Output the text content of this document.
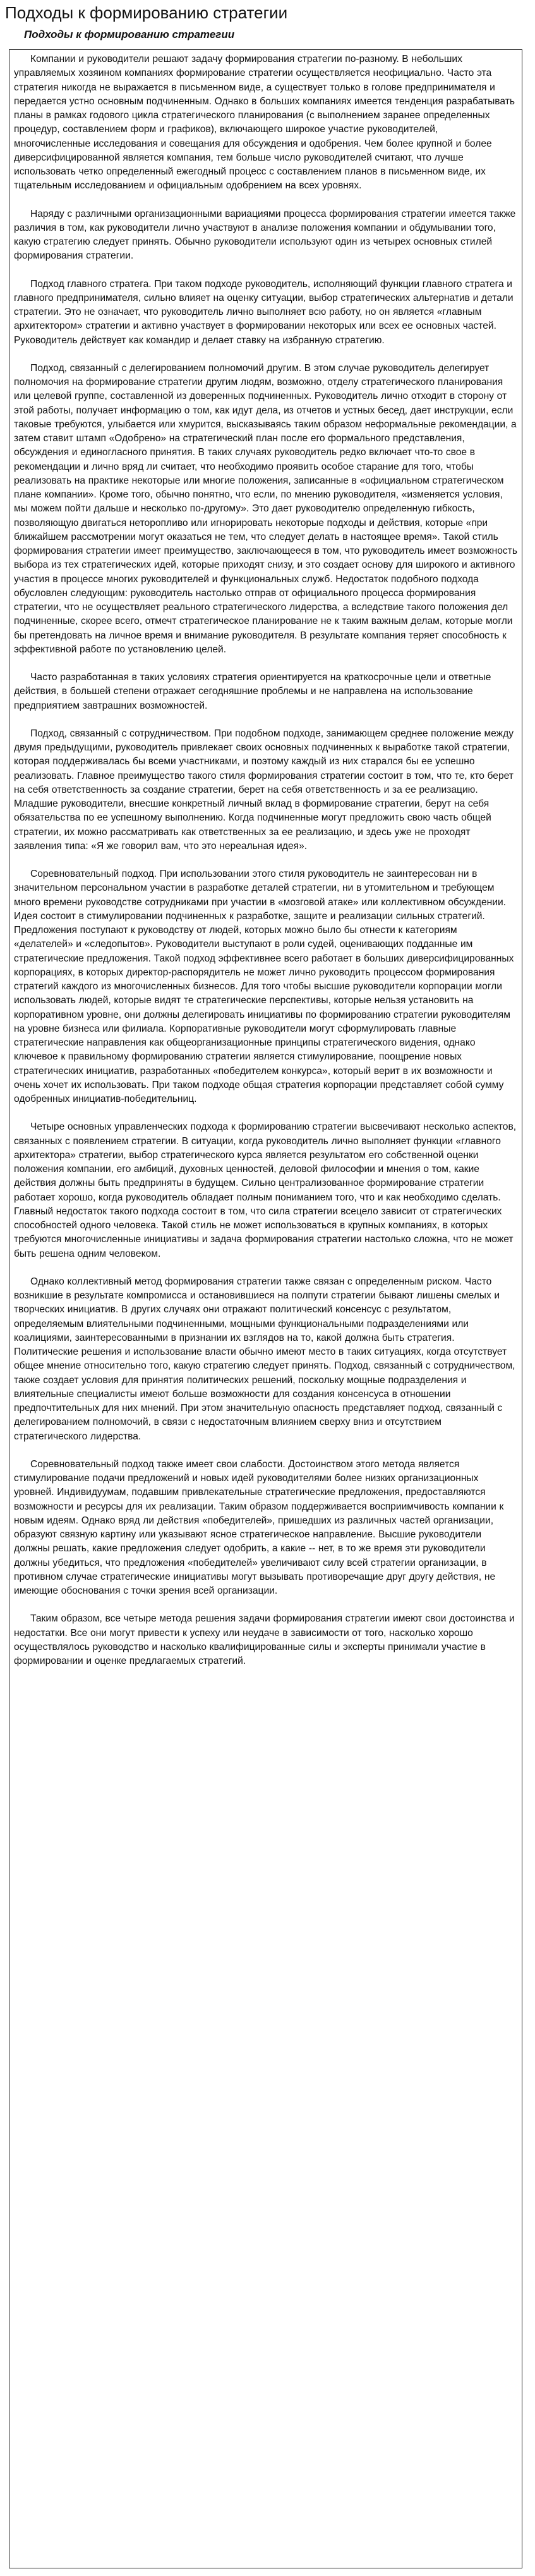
Подходы к формированию стратегии
Подходы к формированию стратегии

Компании и руководители решают задачу формирования стратегии по-разному. В небольших управляемых хозяином компаниях формирование стратегии осуществляется неофициально. Часто эта стратегия никогда не выражается в письменном виде, а существует только в голове предпринимателя и передается устно основным подчиненным. Однако в больших компаниях имеется тенденция разрабатывать планы в рамках годового цикла стратегического планирования (с выполнением заранее определенных процедур, составлением форм и графиков), включающего широкое участие руководителей, многочисленные исследования и совещания для обсуждения и одобрения. Чем более крупной и более диверсифицированной является компания, тем больше число руководителей считают, что лучше использовать четко определенный ежегодный процесс с составлением планов в письменном виде, их тщательным исследованием и официальным одобрением на всех уровнях.

Наряду с различными организационными вариациями процесса формирования стратегии имеется также различия в том, как руководители лично участвуют в анализе положения компании и обдумывании того, какую стратегию следует принять. Обычно руководители используют один из четырех основных стилей формирования стратегии.

Подход главного стратега. При таком подходе руководитель, исполняющий функции главного стратега и главного предпринимателя, сильно влияет на оценку ситуации, выбор стратегических альтернатив и детали стратегии. Это не означает, что руководитель лично выполняет всю работу, но он является «главным архитектором» стратегии и активно участвует в формировании некоторых или всех ее основных частей. Руководитель действует как командир и делает ставку на избранную стратегию.

Подход, связанный с делегированием полномочий другим. В этом случае руководитель делегирует полномочия на формирование стратегии другим людям, возможно, отделу стратегического планирования или целевой группе, составленной из доверенных подчиненных. Руководитель лично отходит в сторону от этой работы, получает информацию о том, как идут дела, из отчетов и устных бесед, дает инструкции, если таковые требуются, улыбается или хмурится, высказываясь таким образом неформальные рекомендации, а затем ставит штамп «Одобрено» на стратегический план после его формального представления, обсуждения и единогласного принятия. В таких случаях руководитель редко включает что-то свое в рекомендации и лично вряд ли считает, что необходимо проявить особое старание для того, чтобы реализовать на практике некоторые или многие положения, записанные в «официальном стратегическом плане компании». Кроме того, обычно понятно, что если, по мнению руководителя, «изменяется условия, мы можем пойти дальше и несколько по-другому». Это дает руководителю определенную гибкость, позволяющую двигаться неторопливо или игнорировать некоторые подходы и действия, которые «при ближайшем рассмотрении могут оказаться не тем, что следует делать в настоящее время». Такой стиль формирования стратегии имеет преимущество, заключающееся в том, что руководитель имеет возможность выбора из тех стратегических идей, которые приходят снизу, и это создает основу для широкого и активного участия в процессе многих руководителей и функциональных служб. Недостаток подобного подхода обусловлен следующим: руководитель настолько отправ от официального процесса формирования стратегии, что не осуществляет реального стратегического лидерства, а вследствие такого положения дел подчиненные, скорее всего, отмечт стратегическое планирование не к таким важным делам, которые могли бы претендовать на личное время и внимание руководителя. В результате компания теряет способность к эффективной работе по установлению целей.

Часто разработанная в таких условиях стратегия ориентируется на краткосрочные цели и ответные действия, в большей степени отражает сегодняшние проблемы и не направлена на использование предприятием завтрашних возможностей.

Подход, связанный с сотрудничеством. При подобном подходе, занимающем среднее положение между двумя предыдущими, руководитель привлекает своих основных подчиненных к выработке такой стратегии, которая поддерживалась бы всеми участниками, и поэтому каждый из них старался бы ее успешно реализовать. Главное преимущество такого стиля формирования стратегии состоит в том, что те, кто берет на себя ответственность за создание стратегии, берет на себя ответственность и за ее реализацию. Младшие руководители, внесшие конкретный личный вклад в формирование стратегии, берут на себя обязательства по ее успешному выполнению. Когда подчиненные могут предложить свою часть общей стратегии, их можно рассматривать как ответственных за ее реализацию, и здесь уже не проходят заявления типа: «Я же говорил вам, что это нереальная идея».

Соревновательный подход. При использовании этого стиля руководитель не заинтересован ни в значительном персональном участии в разработке деталей стратегии, ни в утомительном и требующем много времени руководстве сотрудниками при участии в «мозговой атаке» или коллективном обсуждении. Идея состоит в стимулировании подчиненных к разработке, защите и реализации сильных стратегий. Предложения поступают к руководству от людей, которых можно было бы отнести к категориям «делателей» и «следопытов». Руководители выступают в роли судей, оценивающих подданные им стратегические предложения. Такой подход эффективнее всего работает в больших диверсифицированных корпорациях, в которых директор-распорядитель не может лично руководить процессом формирования стратегий каждого из многочисленных бизнесов. Для того чтобы высшие руководители корпорации могли использовать людей, которые видят те стратегические перспективы, которые нельзя установить на корпоративном уровне, они должны делегировать инициативы по формированию стратегии руководителям на уровне бизнеса или филиала. Корпоративные руководители могут сформулировать главные стратегические направления как общеорганизационные принципы стратегического видения, однако ключевое к правильному формированию стратегии является стимулирование, поощрение новых стратегических инициатив, разработанных «победителем конкурса», который верит в их возможности и очень хочет их использовать. При таком подходе общая стратегия корпорации представляет собой сумму одобренных инициатив-победительниц.

Четыре основных управленческих подхода к формированию стратегии высвечивают несколько аспектов, связанных с появлением стратегии. В ситуации, когда руководитель лично выполняет функции «главного архитектора» стратегии, выбор стратегического курса является результатом его собственной оценки положения компании, его амбиций, духовных ценностей, деловой философии и мнения о том, какие действия должны быть предприняты в будущем. Сильно централизованное формирование стратегии работает хорошо, когда руководитель обладает полным пониманием того, что и как необходимо сделать. Главный недостаток такого подхода состоит в том, что сила стратегии всецело зависит от стратегических способностей одного человека. Такой стиль не может использоваться в крупных компаниях, в которых требуются многочисленные инициативы и задача формирования стратегии настолько сложна, что не может быть решена одним человеком.

Однако коллективный метод формирования стратегии также связан с определенным риском. Часто возникшие в результате компромисса и остановившиеся на полпути стратегии бывают лишены смелых и творческих инициатив. В других случаях они отражают политический консенсус с результатом, определяемым влиятельными подчиненными, мощными функциональными подразделениями или коалициями, заинтересованными в признании их взглядов на то, какой должна быть стратегия. Политические решения и использование власти обычно имеют место в таких ситуациях, когда отсутствует общее мнение относительно того, какую стратегию следует принять. Подход, связанный с сотрудничеством, также создает условия для принятия политических решений, поскольку мощные подразделения и влиятельные специалисты имеют больше возможности для создания консенсуса в отношении предпочтительных для них мнений. При этом значительную опасность представляет подход, связанный с делегированием полномочий, в связи с недостаточным влиянием сверху вниз и отсутствием стратегического лидерства.

Соревновательный подход также имеет свои слабости. Достоинством этого метода является стимулирование подачи предложений и новых идей руководителями более низких организационных уровней. Индивидуумам, подавшим привлекательные стратегические предложения, предоставляются возможности и ресурсы для их реализации. Таким образом поддерживается восприимчивость компании к новым идеям. Однако вряд ли действия «победителей», пришедших из различных частей организации, образуют связную картину или указывают ясное стратегическое направление. Высшие руководители должны решать, какие предложения следует одобрить, а какие -- нет, в то же время эти руководители должны убедиться, что предложения «победителей» увеличивают силу всей стратегии организации, в противном случае стратегические инициативы могут вызывать противоречащие друг другу действия, не имеющие обоснования с точки зрения всей организации.

Таким образом, все четыре метода решения задачи формирования стратегии имеют свои достоинства и недостатки. Все они могут привести к успеху или неудаче в зависимости от того, насколько хорошо осуществлялось руководство и насколько квалифицированные силы и эксперты принимали участие в формировании и оценке предлагаемых стратегий.
